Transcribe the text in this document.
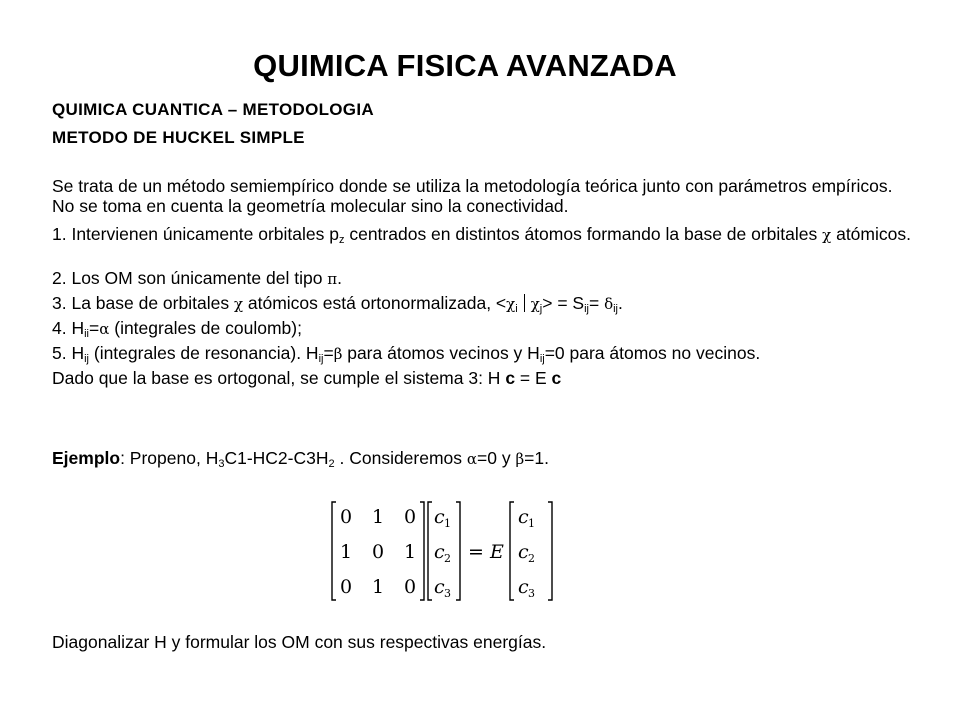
QUIMICA FISICA AVANZADA
QUIMICA CUANTICA – METODOLOGIA
METODO DE HUCKEL SIMPLE
Se trata de un método semiempírico donde se utiliza la metodología teórica junto con parámetros empíricos. No se toma en cuenta la geometría molecular sino la conectividad.
1. Intervienen únicamente orbitales $p_z$ centrados en distintos átomos formando la base de orbitales χ atómicos.
2. Los OM son únicamente del tipo π.
3. La base de orbitales χ atómicos está ortonormalizada, $<\chi_i$ $\chi_j> = S_{ij}= \delta_{ij}$.
4. $H_{ii}=\alpha$ (integrales de coulomb);
5. $H_{ij}$ (integrales de resonancia). $H_{ij}=\beta$ para átomos vecinos y $H_{ij}=0$ para átomos no vecinos.
Dado que la base es ortogonal, se cumple el sistema 3: H c = E c
Ejemplo: Propeno, $H_3C1-HC2-C3H_2$ . Consideremos α=0 y β=1.
0 1 0
1 0 1
0 1 0
c 1
c 2
c 3
= E
c 1
c 2
c 3
Diagonalizar H y formular los OM con sus respectivas energías.
